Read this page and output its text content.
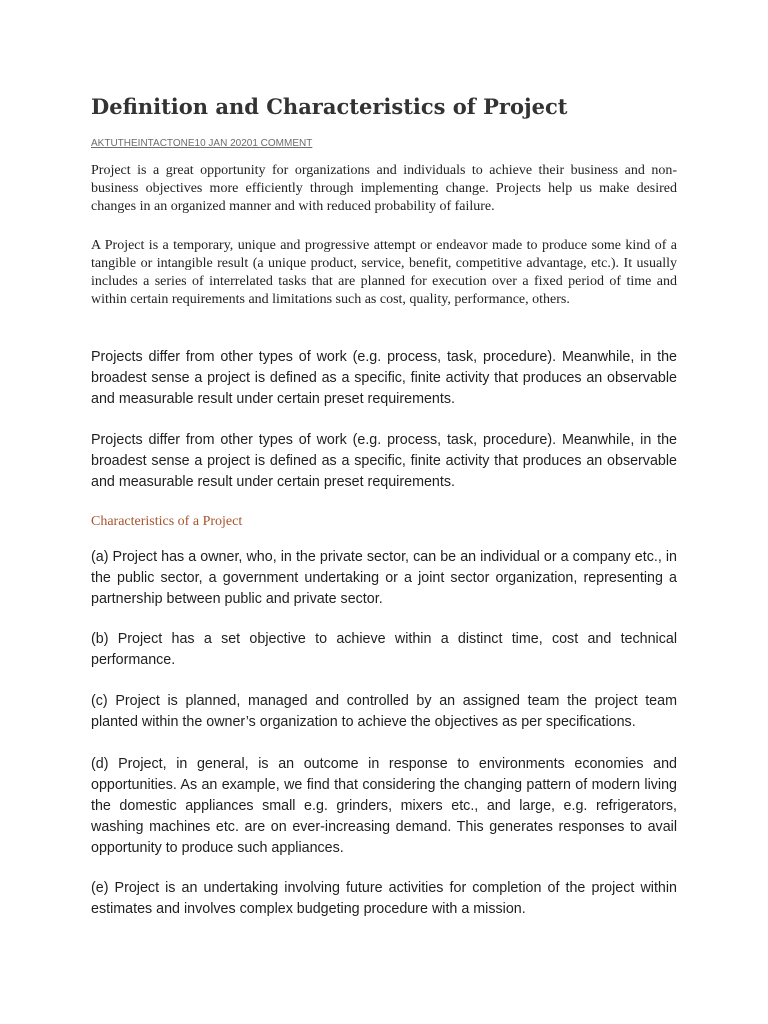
Definition and Characteristics of Project
AKTUTHEINTACTONE10 JAN 20201 COMMENT

Project is a great opportunity for organizations and individuals to achieve their business and non-business objectives more efficiently through implementing change. Projects help us make desired changes in an organized manner and with reduced probability of failure.

A Project is a temporary, unique and progressive attempt or endeavor made to produce some kind of a tangible or intangible result (a unique product, service, benefit, competitive advantage, etc.). It usually includes a series of interrelated tasks that are planned for execution over a fixed period of time and within certain requirements and limitations such as cost, quality, performance, others.

Projects differ from other types of work (e.g. process, task, procedure). Meanwhile, in the broadest sense a project is defined as a specific, finite activity that produces an observable and measurable result under certain preset requirements.

Projects differ from other types of work (e.g. process, task, procedure). Meanwhile, in the broadest sense a project is defined as a specific, finite activity that produces an observable and measurable result under certain preset requirements.

Characteristics of a Project

(a) Project has a owner, who, in the private sector, can be an individual or a company etc., in the public sector, a government undertaking or a joint sector organization, representing a partnership between public and private sector.

(b) Project has a set objective to achieve within a distinct time, cost and technical performance.

(c) Project is planned, managed and controlled by an assigned team the project team planted within the owner’s organization to achieve the objectives as per specifications.

(d) Project, in general, is an outcome in response to environments economies and opportunities. As an example, we find that considering the changing pattern of modern living the domestic appliances small e.g. grinders, mixers etc., and large, e.g. refrigerators, washing machines etc. are on ever-increasing demand. This generates responses to avail opportunity to produce such appliances.

(e) Project is an undertaking involving future activities for completion of the project within estimates and involves complex budgeting procedure with a mission.
